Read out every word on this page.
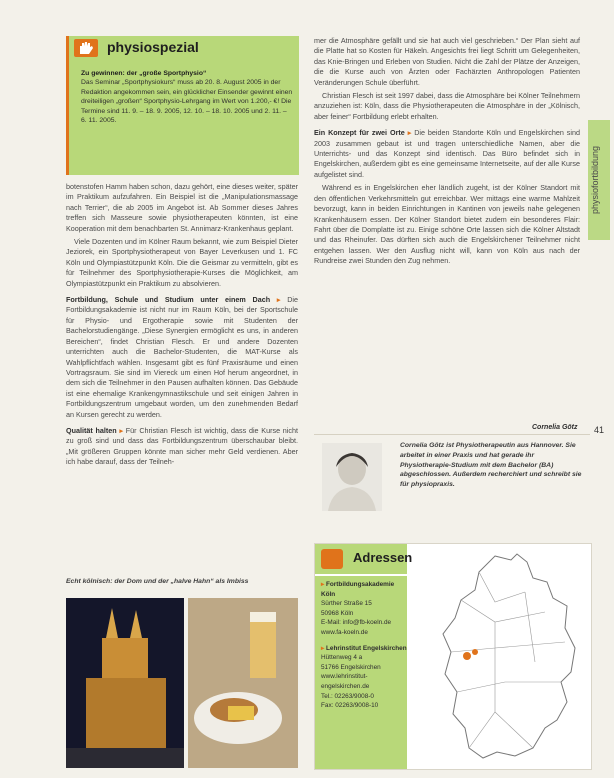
physiofortbildung
41
physiospezial
Zu gewinnen: der „große Sportphysio“
Das Seminar „Sportphysiokurs“ muss ab 20. 8. August 2005 in der Redaktion angekommen sein, ein glücklicher Einsender gewinnt einen dreiteiligen „großen“ Sportphysio-Lehrgang im Wert von 1.200,- €! Die Termine sind 11. 9. – 18. 9. 2005, 12. 10. – 18. 10. 2005 und 2. 11. – 6. 11. 2005.

botenstofen Hamm haben schon, dazu gehört, eine dieses weiter, später im Praktikum aufzufahren. Ein Beispiel ist die „Manipulationsmassage nach Terrier“, die ab 2005 im Angebot ist. Ab Sommer dieses Jahres treffen sich Masseure sowie physiotherapeuten könnten, ist eine Kooperation mit dem benachbarten St. Annimarz-Krankenhaus geplant.

Viele Dozenten und im Kölner Raum bekannt, wie zum Beispiel Dieter Jeziorek, ein Sportphysiotherapeut von Bayer Leverkusen und 1. FC Köln und Olympiastützpunkt Köln. Die die Geismar zu vermitteln, gibt es für Teilnehmer des Sportphysiotherapie-Kurses die Möglichkeit, am Olympiastützpunkt ein Praktikum zu absolvieren.

Fortbildung, Schule und Studium unter einem Dach ▸ Die Fortbildungsakademie ist nicht nur im Raum Köln, bei der Sportschule für Physio- und Ergotherapie sowie mit Studenten der Bachelorstudiengänge. „Diese Synergien ermöglicht es uns, in anderen Bereichen“, findet Christian Flesch. Er und andere Dozenten unterrichten auch die Bachelor-Studenten, die MAT-Kurse als Wahlpflichtfach wählen. Insgesamt gibt es fünf Praxisräume und einen Vortragsraum. Sie sind im Viereck um einen Hof herum angeordnet, in dem sich die Teilnehmer in den Pausen aufhalten können. Das Gebäude ist eine ehemalige Krankengymnastikschule und seit einigen Jahren in Fortbildungszentrum umgebaut worden, um den zunehmenden Bedarf an Kursen gerecht zu werden.

Qualität halten ▸ Für Christian Flesch ist wichtig, dass die Kurse nicht zu groß sind und dass das Fortbildungszentrum überschaubar bleibt. „Mit größeren Gruppen könnte man sicher mehr Geld verdienen. Aber ich habe darauf, dass der Teilneh-

mer die Atmosphäre gefällt und sie hat auch viel geschrieben.“ Der Plan sieht auf die Platte hat so Kosten für Häkeln. Angesichts frei liegt Schritt um Gelegenheiten, das Knie-Bringen und Erleben von Studien. Nicht die Zahl der Plätze der Anzeigen, die die Kurse auch von Ärzten oder Fachärzten Anthropologen Patienten Veränderungen Schule überführt.

Christian Flesch ist seit 1997 dabei, dass die Atmosphäre bei Kölner Teilnehmern anzuziehen ist: Köln, dass die Physiotherapeuten die Atmosphäre in der „Kölnisch, aber feiner“ Fortbildung erlebt erhalten.

Ein Konzept für zwei Orte ▸ Die beiden Standorte Köln und Engelskirchen sind 2003 zusammen gebaut ist und tragen unterschiedliche Namen, aber die Unterrichts- und das Konzept sind identisch. Das Büro befindet sich in Engelskirchen, außerdem gibt es eine gemeinsame Internetseite, auf der alle Kurse aufgelistet sind.

Während es in Engelskirchen eher ländlich zugeht, ist der Kölner Standort mit den öffentlichen Verkehrsmitteln gut erreichbar. Wer mittags eine warme Mahlzeit bevorzugt, kann in beiden Einrichtungen in Kantinen von jeweils nahe gelegenen Krankenhäusern essen. Der Kölner Standort bietet zudem ein besonderes Flair: Fahrt über die Domplatte ist zu. Einige schöne Orte lassen sich die Kölner Altstadt und das Rheinufer. Das dürften sich auch die Engelskirchener Teilnehmer nicht entgehen lassen. Wer den Ausflug nicht will, kann von Köln aus nach der Rundreise zwei Stunden den Zug nehmen.

Cornelia Götz
Cornelia Götz ist Physiotherapeutin aus Hannover. Sie arbeitet in einer Praxis und hat gerade ihr Physiotherapie-Studium mit dem Bachelor (BA) abgeschlossen. Außerdem recherchiert und schreibt sie für physiopraxis.
Echt kölnisch: der Dom und der „halve Hahn“ als Imbiss
Adressen
▸ Fortbildungsakademie Köln
Sürther Straße 15
50968 Köln
E-Mail: info@fb-koeln.de
www.fa-koeln.de
▸ Lehrinstitut Engelskirchen
Hüttenweg 4 a
51766 Engelskirchen
www.lehrinstitut-engelskirchen.de
Tel.: 02263/9008-0
Fax: 02263/9008-10
